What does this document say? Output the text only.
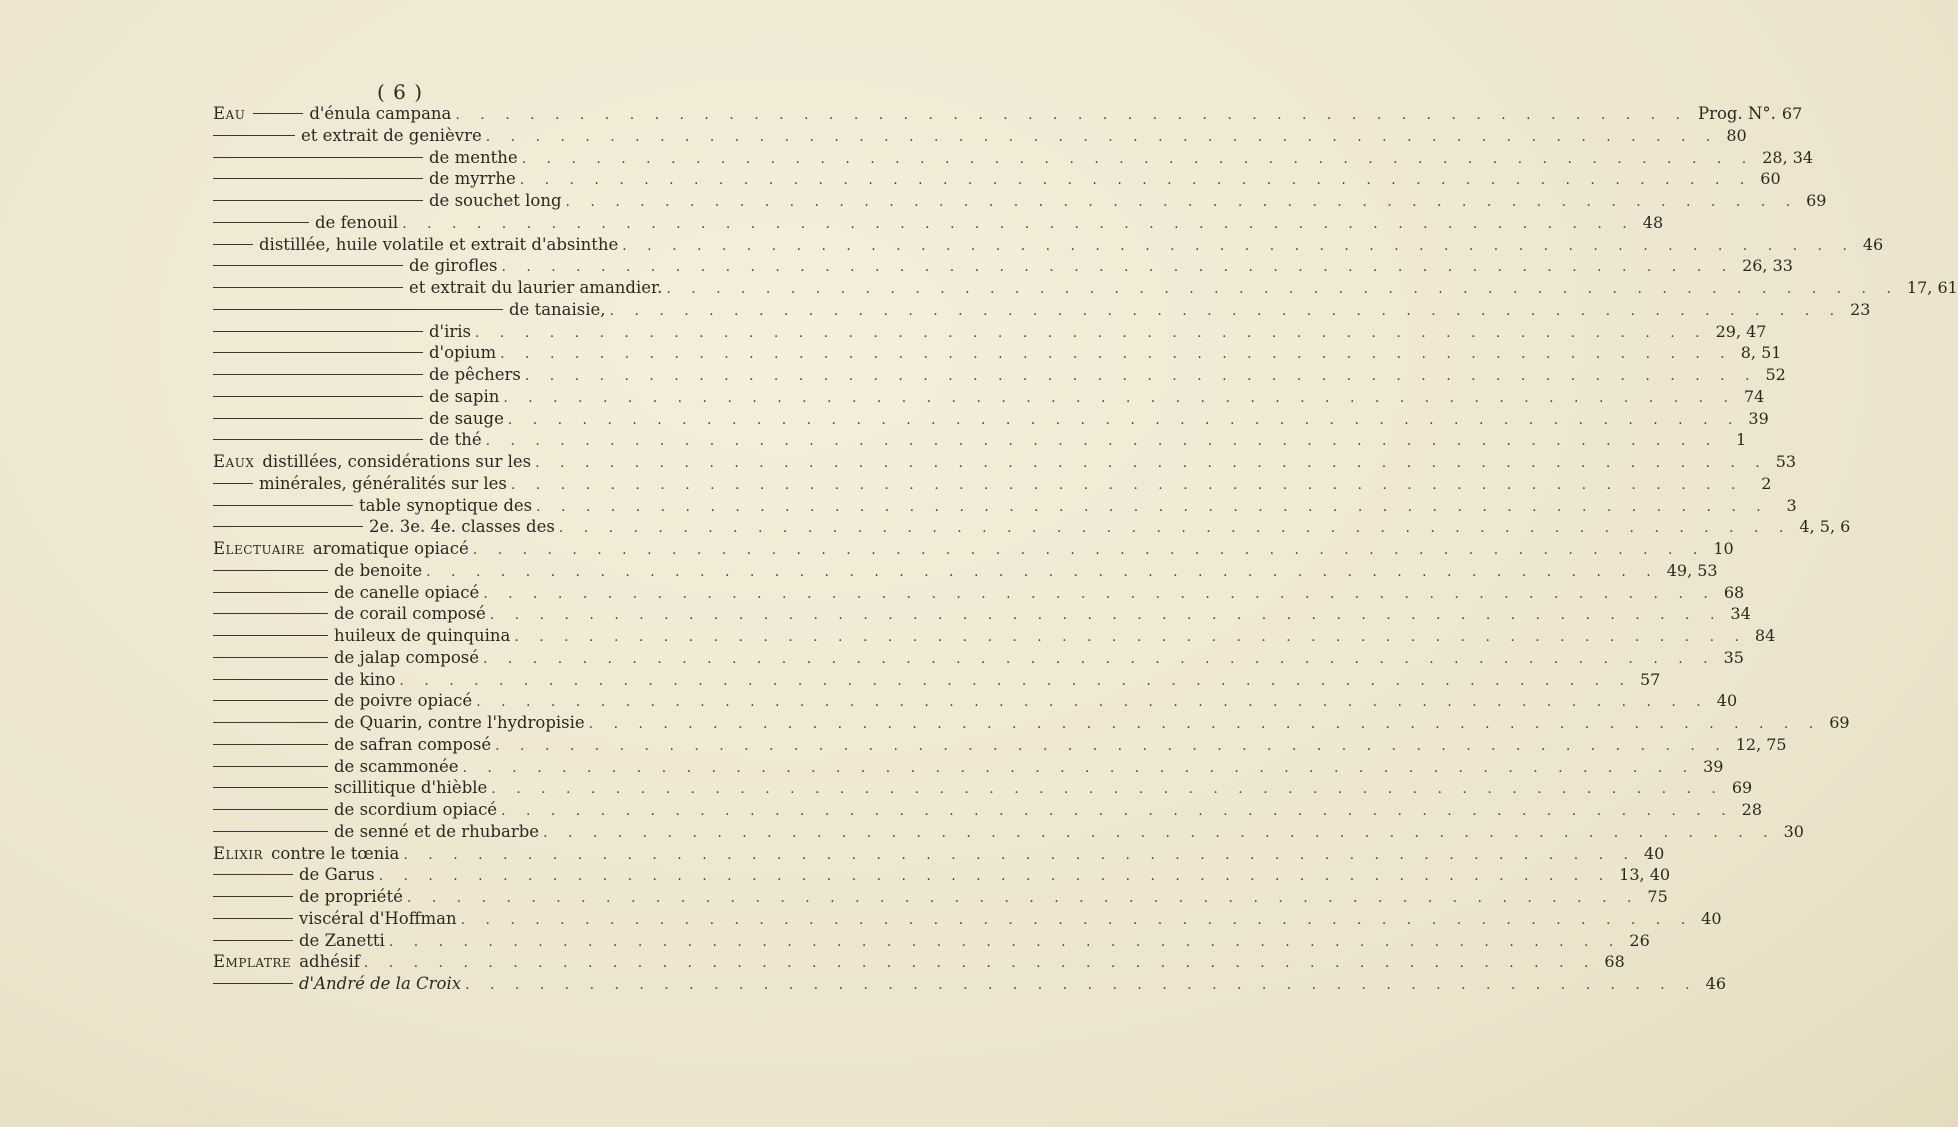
( 6 )
Eau	d'énula campana . . .	Prog. N°. 67
et extrait de genièvre . . .	80
de menthe . . .	28, 34
de myrrhe . . .	60
de souchet long . . .	69
de fenouil . . .	48
distillée, huile volatile et extrait d'absinthe . . .	46
de girofles . . .	26, 33
et extrait du laurier amandier. . . .	17, 61
de tanaisie, . . .	23
d'iris . . .	29, 47
d'opium . . .	8, 51
de pêchers . . .	52
de sapin . . .	74
de sauge . . .	39
de thé . . .	1
Eaux distillées, considérations sur les . . .	53
minérales, généralités sur les . . .	2
table synoptique des . . .	3
2e. 3e. 4e. classes des . . .	4, 5, 6
Electuaire aromatique opiacé . . .	10
de benoite . . .	49, 53
de canelle opiacé . . .	68
de corail composé . . .	34
huileux de quinquina . . .	84
de jalap composé . . .	35
de kino . . .	57
de poivre opiacé . . .	40
de Quarin, contre l'hydropisie . . .	69
de safran composé . . .	12, 75
de scammonée . . .	39
scillitique d'hièble . . .	69
de scordium opiacé . . .	28
de senné et de rhubarbe . . .	30
Elixir contre le tœnia . . .	40
de Garus . . .	13, 40
de propriété . . .	75
viscéral d'Hoffman . . .	40
de Zanetti . . .	26
Emplatre adhésif . . .	68
d'André de la Croix . . .	46
